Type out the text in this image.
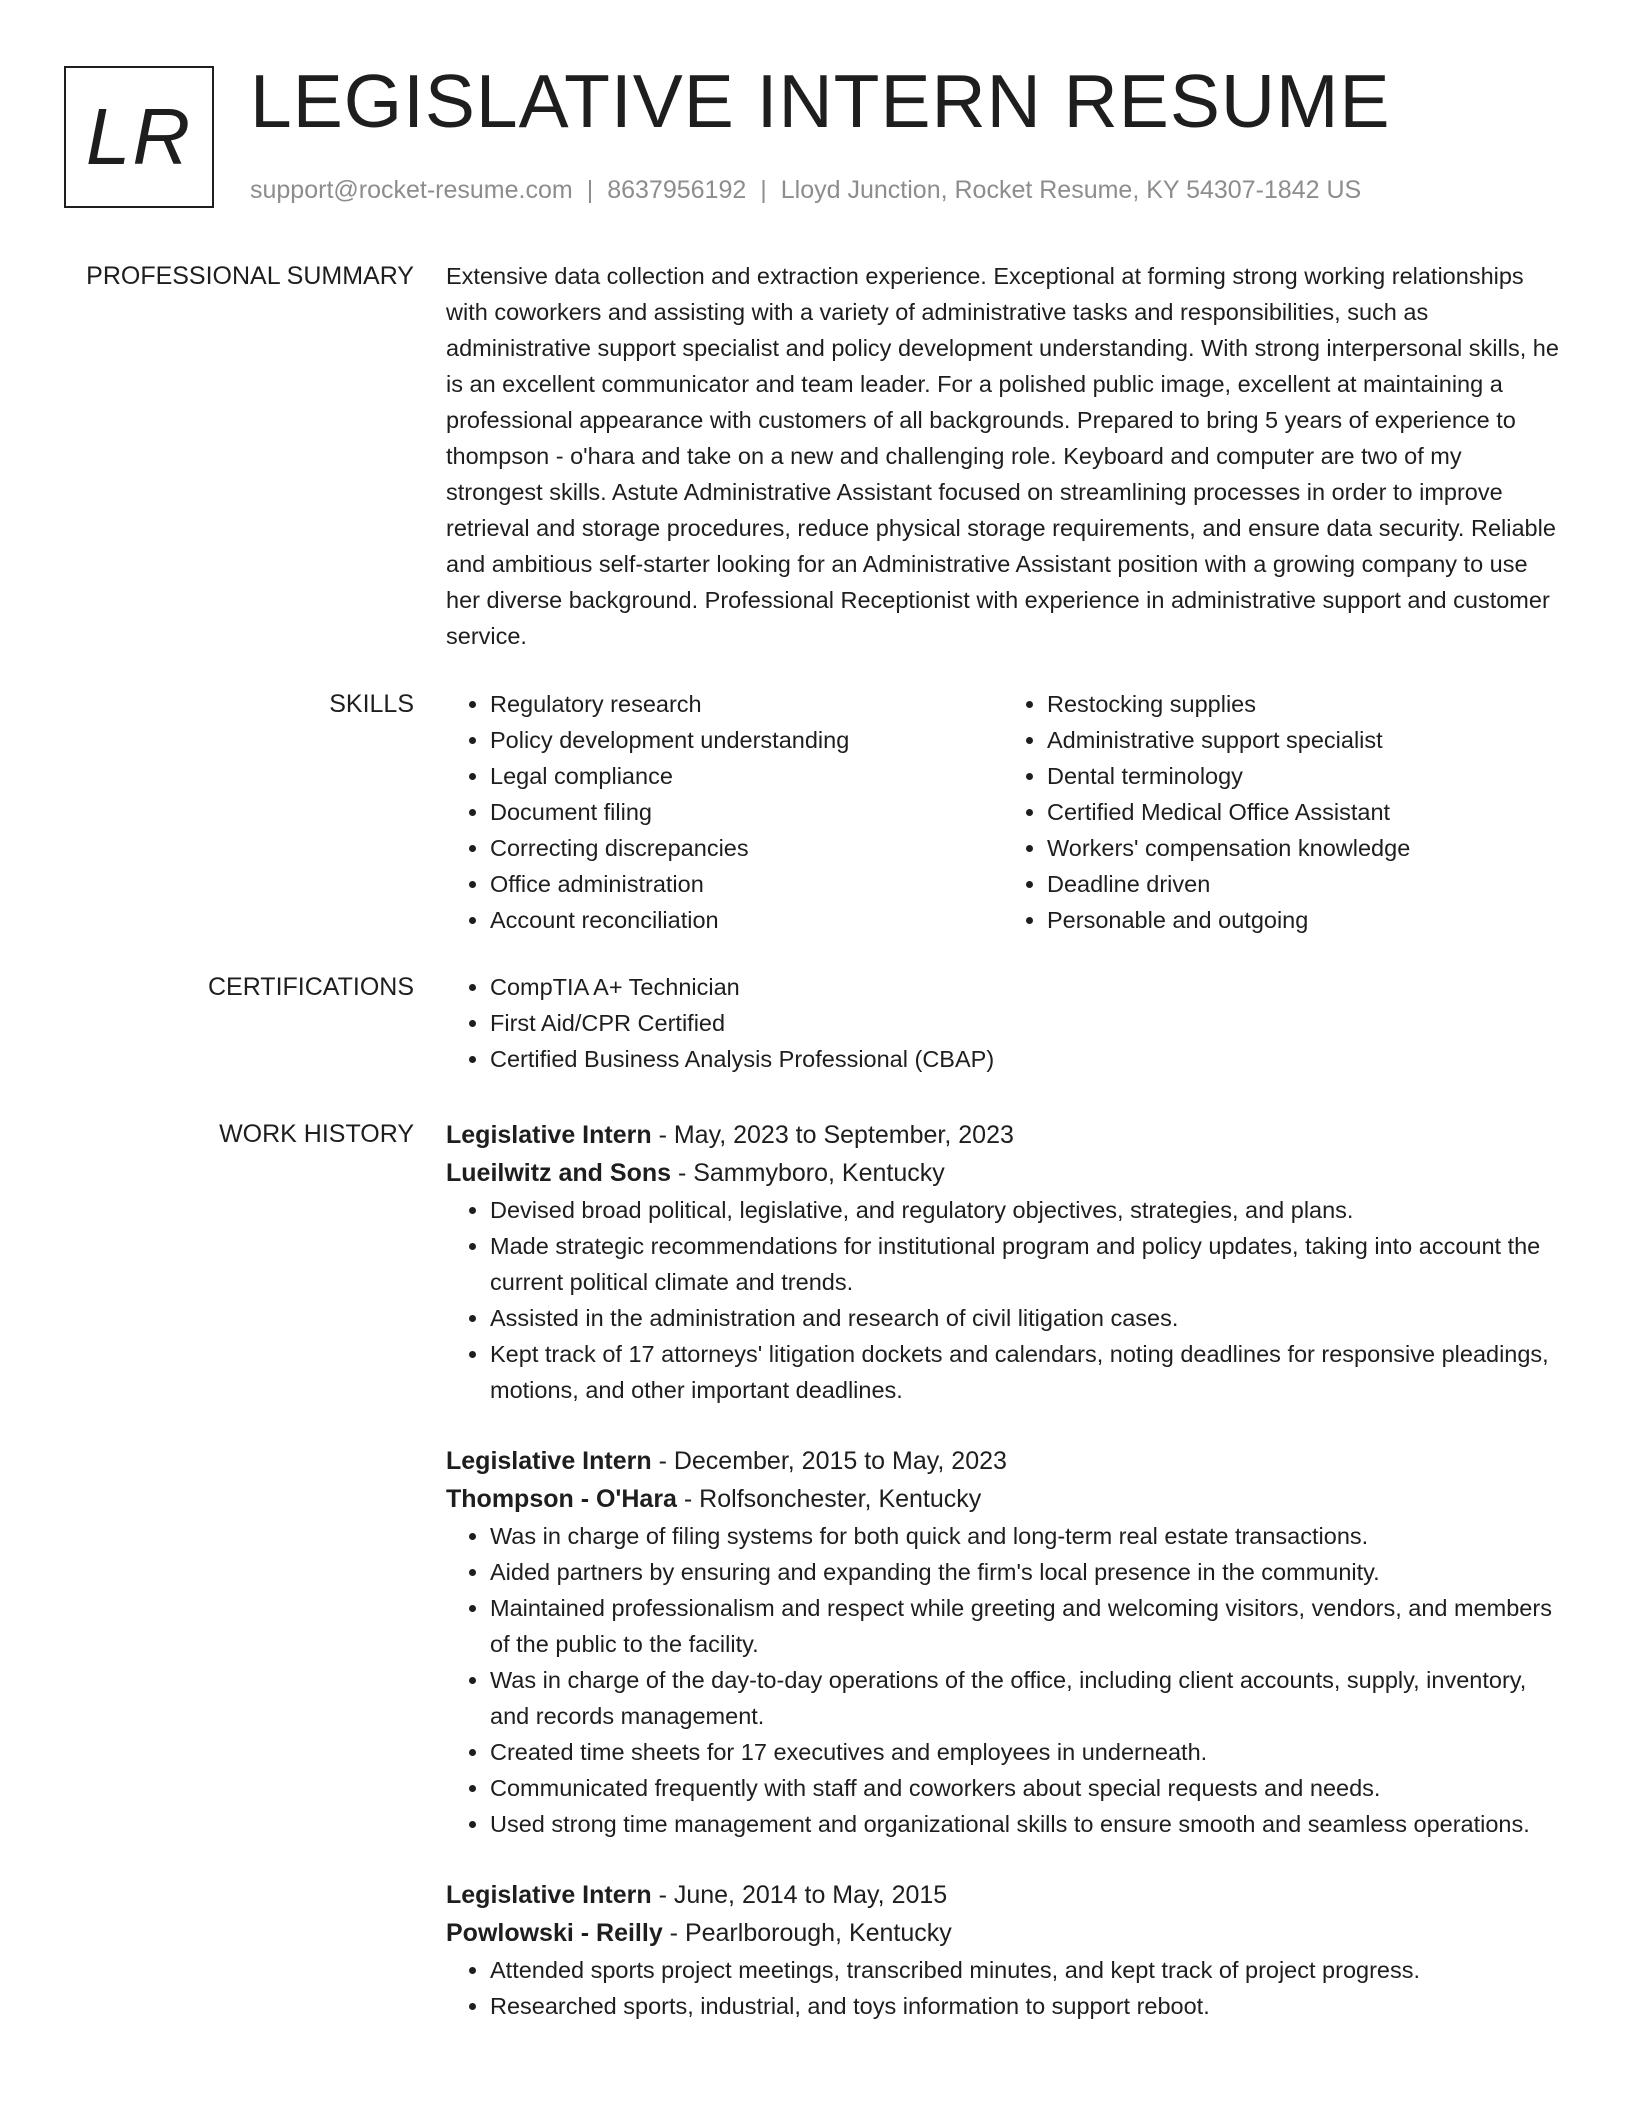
LR LEGISLATIVE INTERN RESUME
support@rocket-resume.com | 8637956192 | Lloyd Junction, Rocket Resume, KY 54307-1842 US
PROFESSIONAL SUMMARY Extensive data collection and extraction experience. Exceptional at forming strong working relationships with coworkers and assisting with a variety of administrative tasks and responsibilities, such as administrative support specialist and policy development understanding. With strong interpersonal skills, he is an excellent communicator and team leader. For a polished public image, excellent at maintaining a professional appearance with customers of all backgrounds. Prepared to bring 5 years of experience to thompson - o'hara and take on a new and challenging role. Keyboard and computer are two of my strongest skills. Astute Administrative Assistant focused on streamlining processes in order to improve retrieval and storage procedures, reduce physical storage requirements, and ensure data security. Reliable and ambitious self-starter looking for an Administrative Assistant position with a growing company to use her diverse background. Professional Receptionist with experience in administrative support and customer service.

SKILLS	• Regulatory research
• Policy development understanding
• Legal compliance
• Document filing
• Correcting discrepancies
• Office administration
• Account reconciliation
• Restocking supplies
• Administrative support specialist
• Dental terminology
• Certified Medical Office Assistant
• Workers' compensation knowledge
• Deadline driven
• Personable and outgoing
CERTIFICATIONS	• CompTIA A+ Technician
• First Aid/CPR Certified
• Certified Business Analysis Professional (CBAP)
WORK HISTORY Legislative Intern - May, 2023 to September, 2023
Lueilwitz and Sons - Sammyboro, Kentucky
• Devised broad political, legislative, and regulatory objectives, strategies, and plans.
• Made strategic recommendations for institutional program and policy updates, taking into account the current political climate and trends.
• Assisted in the administration and research of civil litigation cases.
• Kept track of 17 attorneys' litigation dockets and calendars, noting deadlines for responsive pleadings, motions, and other important deadlines.
Legislative Intern - December, 2015 to May, 2023
Thompson - O'Hara - Rolfsonchester, Kentucky
• Was in charge of filing systems for both quick and long-term real estate transactions.
• Aided partners by ensuring and expanding the firm's local presence in the community.
• Maintained professionalism and respect while greeting and welcoming visitors, vendors, and members of the public to the facility.
• Was in charge of the day-to-day operations of the office, including client accounts, supply, inventory, and records management.
• Created time sheets for 17 executives and employees in underneath.
• Communicated frequently with staff and coworkers about special requests and needs.
• Used strong time management and organizational skills to ensure smooth and seamless operations.
Legislative Intern - June, 2014 to May, 2015
Powlowski - Reilly - Pearlborough, Kentucky
• Attended sports project meetings, transcribed minutes, and kept track of project progress.
• Researched sports, industrial, and toys information to support reboot.
